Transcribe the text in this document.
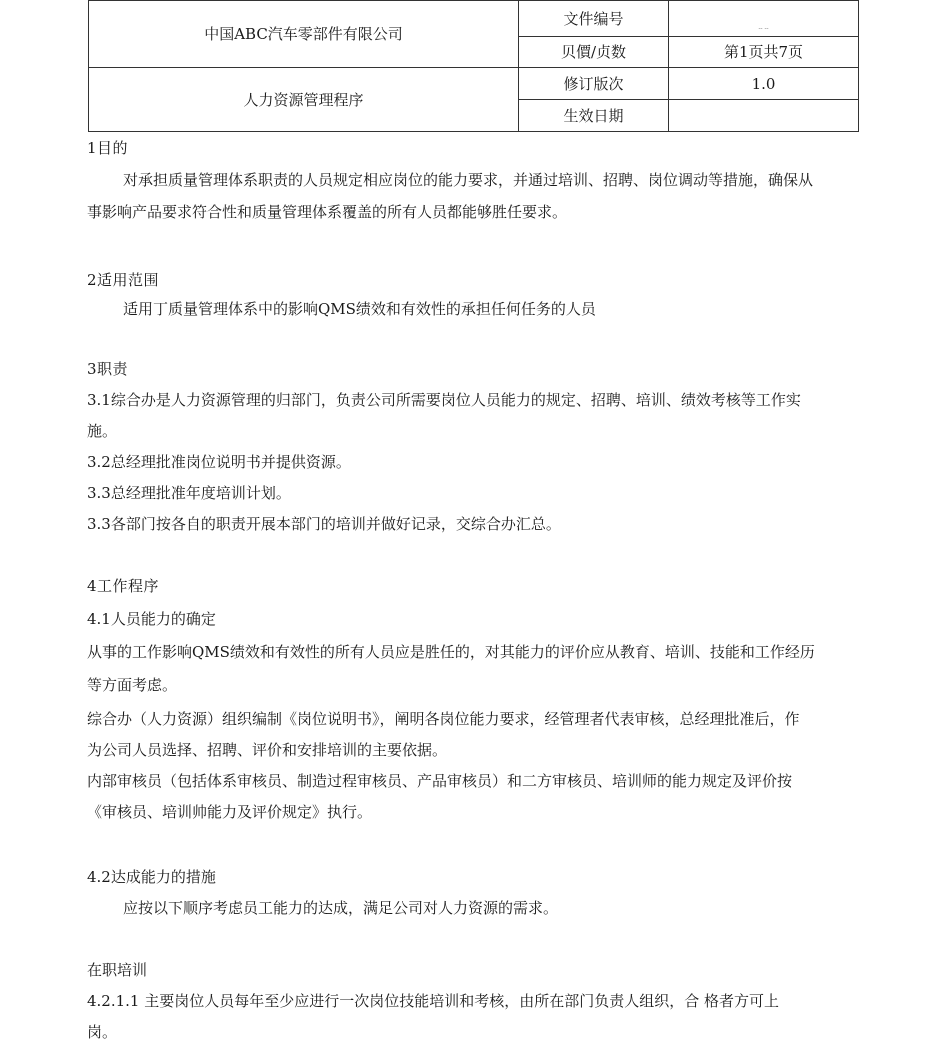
中国ABC汽车零部件有限公司	文件编号	-- --
	贝價/贞数	第1页共7页
人力资源管理程序	修订版次	1.0
	生效日期	
1目的
对承担质量管理体系职责的人员规定相应岗位的能力要求，并通过培训、招聘、岗位调动等措施，确保从
事影响产品要求符合性和质量管理体系覆盖的所有人员都能够胜任要求。
2适用范围
适用丁质量管理体系中的影响QMS绩效和有效性的承担任何任务的人员
3职责
3.1综合办是人力资源管理的归部门，负责公司所需要岗位人员能力的规定、招聘、培训、绩效考核等工作实
施。
3.2总经理批准岗位说明书并提供资源。
3.3总经理批准年度培训计划。
3.3各部门按各自的职责开展本部门的培训并做好记录，交综合办汇总。
4工作程序
4.1人员能力的确定
从事的工作影响QMS绩效和有效性的所有人员应是胜任的，对其能力的评价应从教育、培训、技能和工作经历
等方面考虑。
综合办（人力资源）组织编制《岗位说明书》，阐明各岗位能力要求，经管理者代表审核，总经理批准后，作
为公司人员选择、招聘、评价和安排培训的主要依据。
内部审核员（包括体系审核员、制造过程审核员、产品审核员）和二方审核员、培训师的能力规定及评价按
《审核员、培训帅能力及评价规定》执行。
4.2达成能力的措施
应按以下顺序考虑员工能力的达成，满足公司对人力资源的需求。
在职培训
4.2.1.1 主要岗位人员每年至少应进行一次岗位技能培训和考核，由所在部门负责人组织，合 格者方可上
岗。
